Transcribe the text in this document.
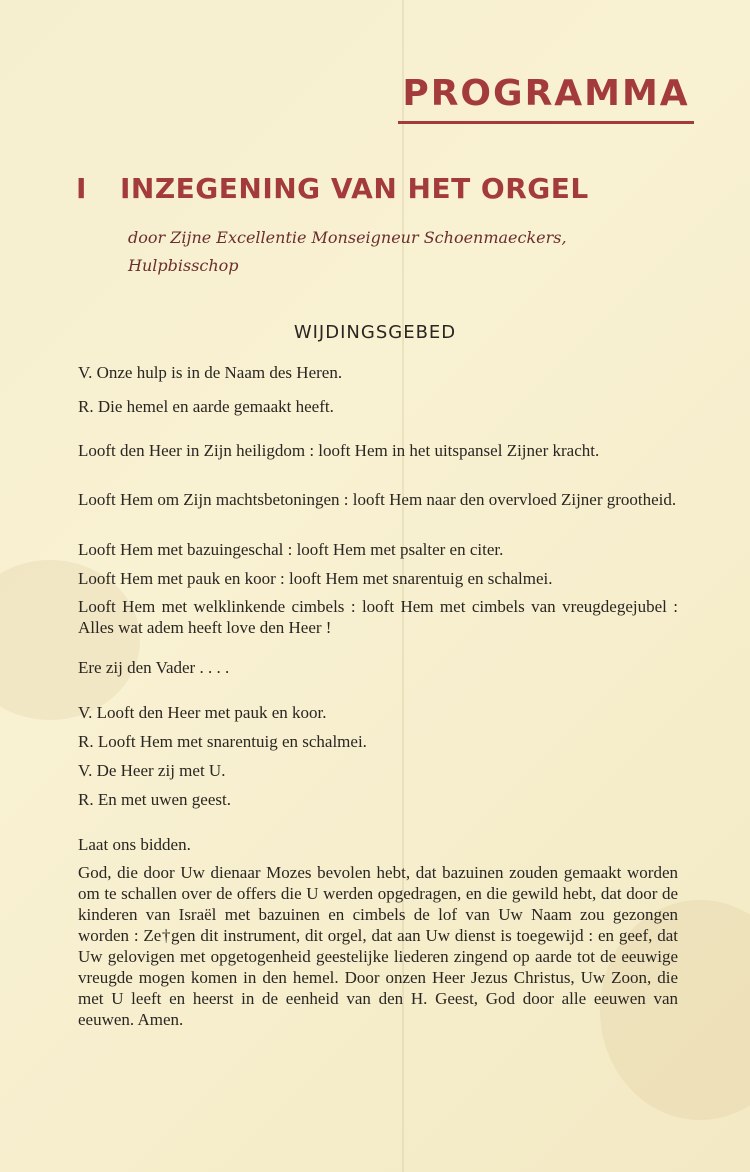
PROGRAMMA
I INZEGENING VAN HET ORGEL
door Zijne Excellentie Monseigneur Schoenmaeckers, Hulpbisschop
WIJDINGSGEBED
V. Onze hulp is in de Naam des Heren.
R. Die hemel en aarde gemaakt heeft.
Looft den Heer in Zijn heiligdom : looft Hem in het uitspansel Zijner kracht.
Looft Hem om Zijn machtsbetoningen : looft Hem naar den overvloed Zijner grootheid.
Looft Hem met bazuingeschal : looft Hem met psalter en citer.
Looft Hem met pauk en koor : looft Hem met snarentuig en schalmei.
Looft Hem met welklinkende cimbels : looft Hem met cimbels van vreugdegejubel : Alles wat adem heeft love den Heer !
Ere zij den Vader . . . .
V. Looft den Heer met pauk en koor.
R. Looft Hem met snarentuig en schalmei.
V. De Heer zij met U.
R. En met uwen geest.
Laat ons bidden.
God, die door Uw dienaar Mozes bevolen hebt, dat bazuinen zouden gemaakt worden om te schallen over de offers die U werden opgedragen, en die gewild hebt, dat door de kinderen van Israël met bazuinen en cimbels de lof van Uw Naam zou gezongen worden : Ze†gen dit instrument, dit orgel, dat aan Uw dienst is toegewijd : en geef, dat Uw gelovigen met opgetogenheid geestelijke liederen zingend op aarde tot de eeuwige vreugde mogen komen in den hemel. Door onzen Heer Jezus Christus, Uw Zoon, die met U leeft en heerst in de eenheid van den H. Geest, God door alle eeuwen van eeuwen. Amen.
